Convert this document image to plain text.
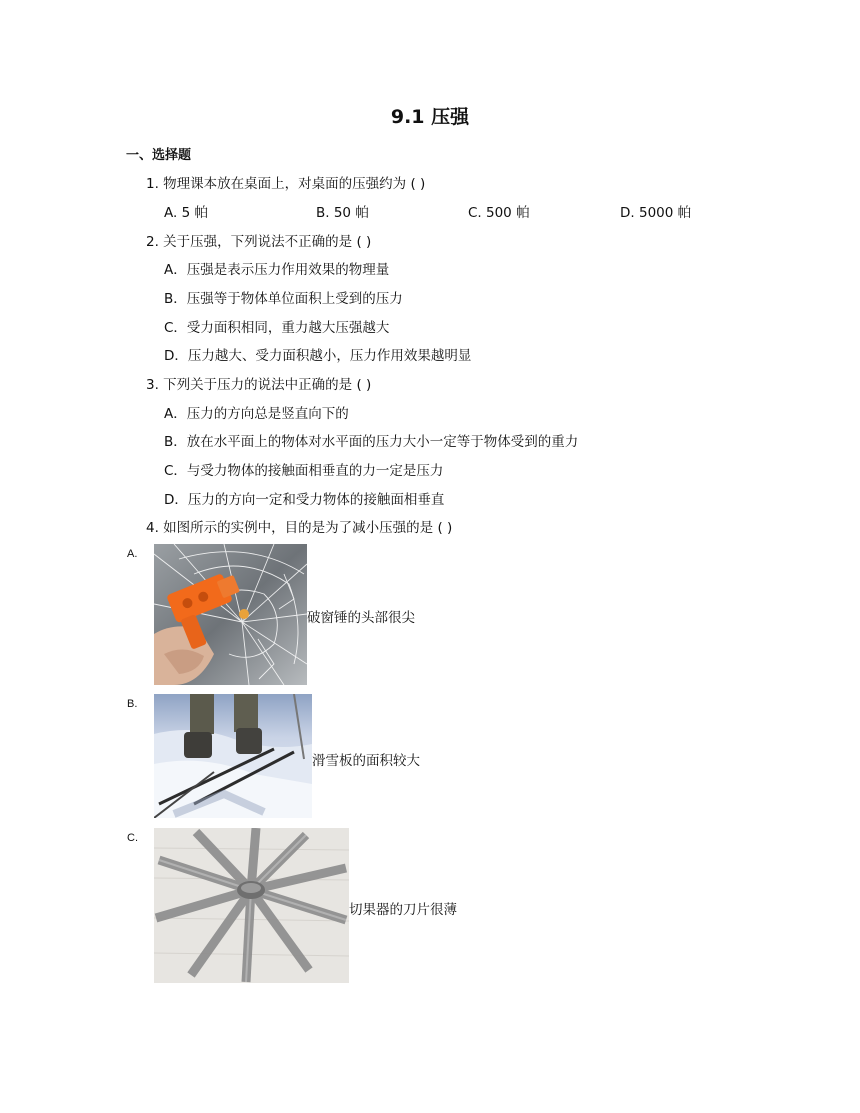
9.1 压强
一、选择题
1. 物理课本放在桌面上，对桌面的压强约为 ( )
A. 5 帕	B. 50 帕	C. 500 帕	D. 5000 帕
2. 关于压强，下列说法不正确的是 ( )
A．压强是表示压力作用效果的物理量
B．压强等于物体单位面积上受到的压力
C．受力面积相同，重力越大压强越大
D．压力越大、受力面积越小，压力作用效果越明显
3. 下列关于压力的说法中正确的是 ( )
A．压力的方向总是竖直向下的
B．放在水平面上的物体对水平面的压力大小一定等于物体受到的重力
C．与受力物体的接触面相垂直的力一定是压力
D．压力的方向一定和受力物体的接触面相垂直
4. 如图所示的实例中，目的是为了减小压强的是 ( )
A.
破窗锤的头部很尖
B.
滑雪板的面积较大
C.
切果器的刀片很薄
